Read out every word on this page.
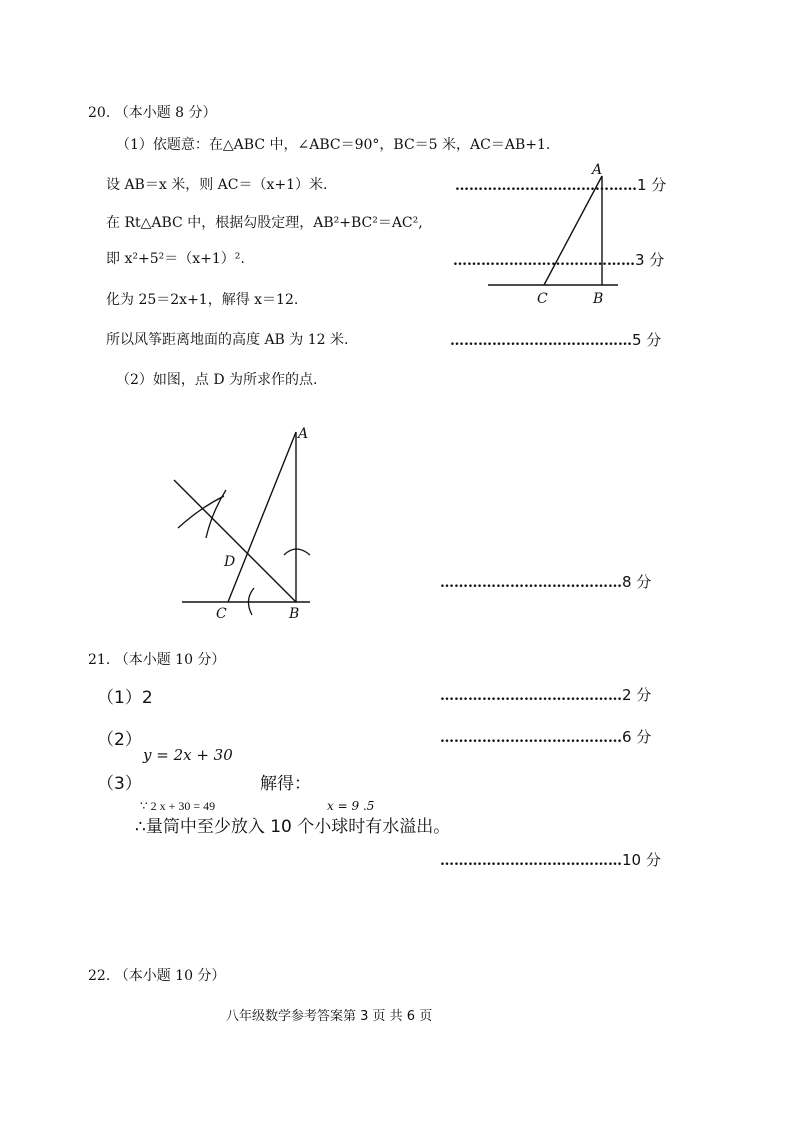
20. （本小题 8 分）
（1）依题意：在△ABC 中，∠ABC＝90°，BC＝5 米，AC＝AB+1.
设 AB＝x 米，则 AC＝（x+1）米.
在 Rt△ABC 中，根据勾股定理，AB²+BC²＝AC²,
即 x²+5²＝（x+1）².
化为 25＝2x+1，解得 x＝12.
所以风筝距离地面的高度 AB 为 12 米.
（2）如图，点 D 为所求作的点.
…………………………………1 分
…………………………………3 分
…………………………………5 分
…………………………………8 分
A
C	B
A
D
C	B
21. （本小题 10 分）
（1）2
（2）
y = 2x + 30
（3）	解得：
∵ 2 x + 30 = 49	x = 9 .5
∴量筒中至少放入 10 个小球时有水溢出。
…………………………………2 分
…………………………………6 分
…………………………………10 分
22. （本小题 10 分）
八年级数学参考答案第 3 页 共 6 页
